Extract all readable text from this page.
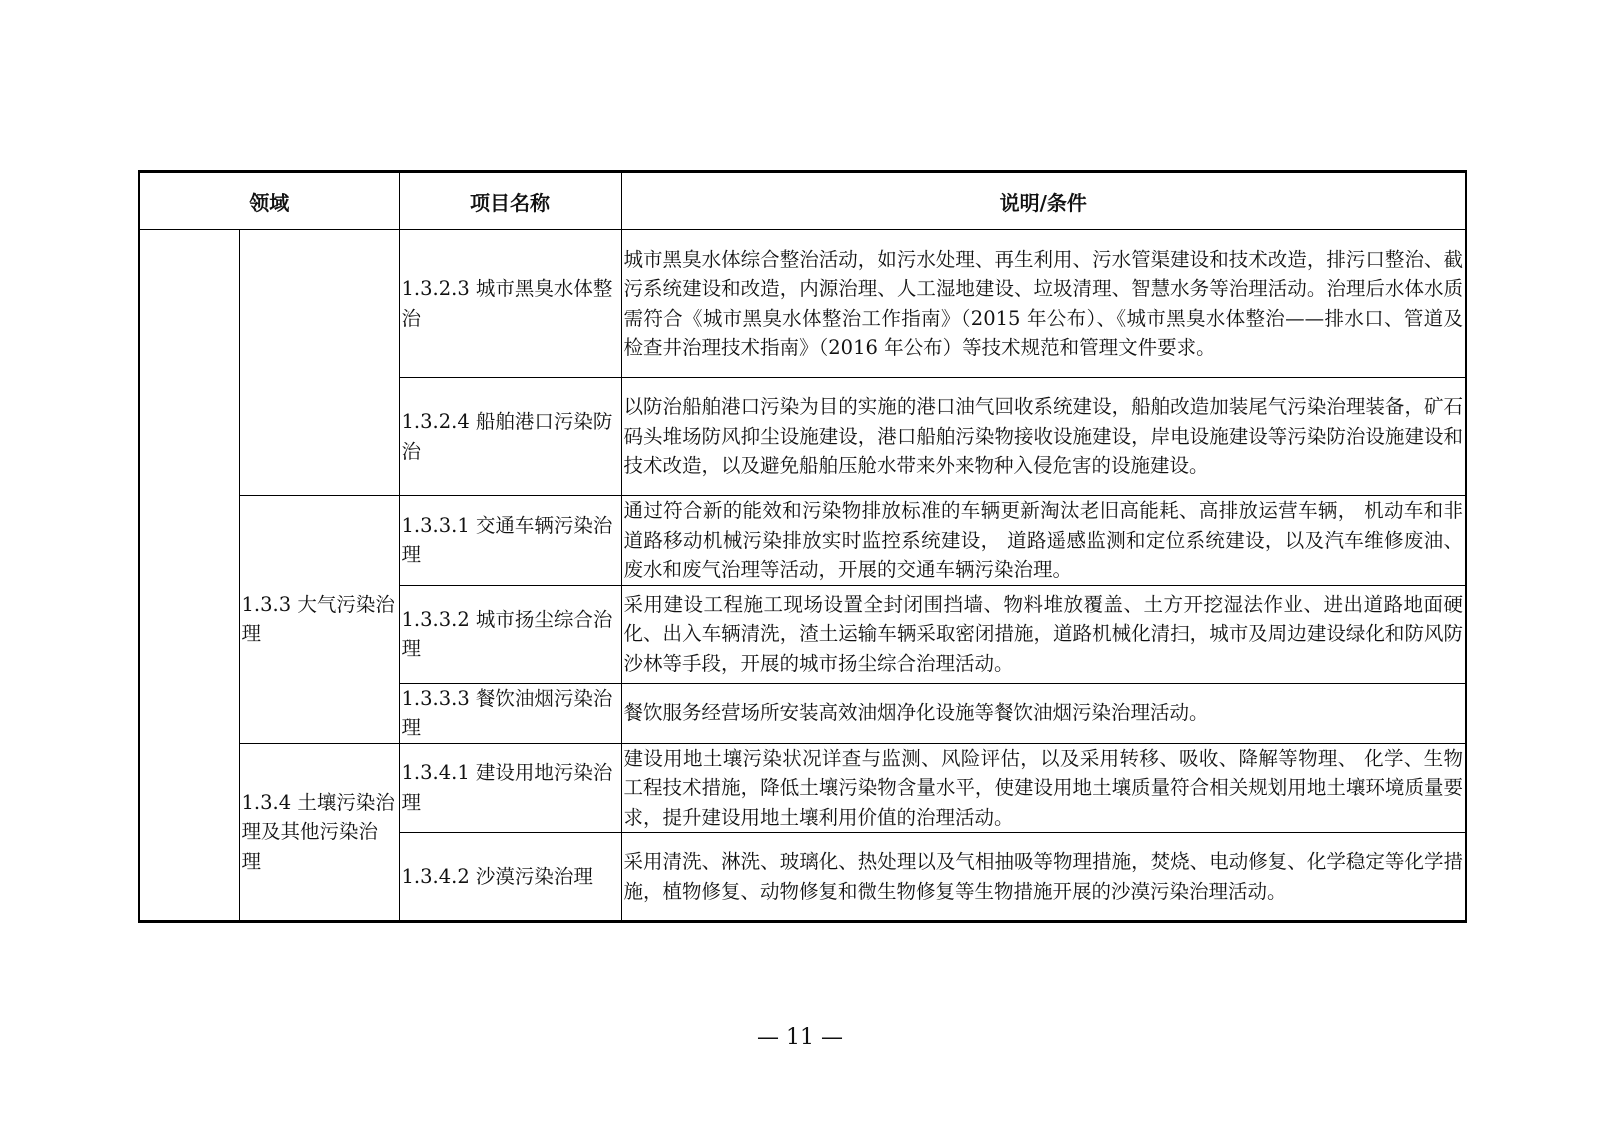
领域		项目名称	说明/条件
		1.3.2.3 城市黑臭水体整治	城市黑臭水体综合整治活动，如污水处理、再生利用、污水管渠建设和技术改造，排污口整治、截污系统建设和改造，内源治理、人工湿地建设、垃圾清理、智慧水务等治理活动。治理后水体水质需符合《城市黑臭水体整治工作指南》（2015 年公布）、《城市黑臭水体整治——排水口、管道及检查井治理技术指南》（2016 年公布）等技术规范和管理文件要求。
		1.3.2.4 船舶港口污染防治	以防治船舶港口污染为目的实施的港口油气回收系统建设，船舶改造加装尾气污染治理装备，矿石码头堆场防风抑尘设施建设，港口船舶污染物接收设施建设，岸电设施建设等污染防治设施建设和技术改造，以及避免船舶压舱水带来外来物种入侵危害的设施建设。
	1.3.3 大气污染治理	1.3.3.1 交通车辆污染治理	通过符合新的能效和污染物排放标准的车辆更新淘汰老旧高能耗、高排放运营车辆， 机动车和非道路移动机械污染排放实时监控系统建设， 道路遥感监测和定位系统建设，以及汽车维修废油、废水和废气治理等活动，开展的交通车辆污染治理。
		1.3.3.2 城市扬尘综合治理	采用建设工程施工现场设置全封闭围挡墙、物料堆放覆盖、土方开挖湿法作业、进出道路地面硬化、出入车辆清洗，渣土运输车辆采取密闭措施，道路机械化清扫，城市及周边建设绿化和防风防沙林等手段，开展的城市扬尘综合治理活动。
		1.3.3.3 餐饮油烟污染治理	餐饮服务经营场所安装高效油烟净化设施等餐饮油烟污染治理活动。
	1.3.4 土壤污染治理及其他污染治理	1.3.4.1 建设用地污染治理	建设用地土壤污染状况详查与监测、风险评估，以及采用转移、吸收、降解等物理、 化学、生物工程技术措施，降低土壤污染物含量水平，使建设用地土壤质量符合相关规划用地土壤环境质量要求，提升建设用地土壤利用价值的治理活动。
		1.3.4.2 沙漠污染治理	采用清洗、淋洗、玻璃化、热处理以及气相抽吸等物理措施，焚烧、电动修复、化学稳定等化学措施，植物修复、动物修复和微生物修复等生物措施开展的沙漠污染治理活动。
— 11 —
